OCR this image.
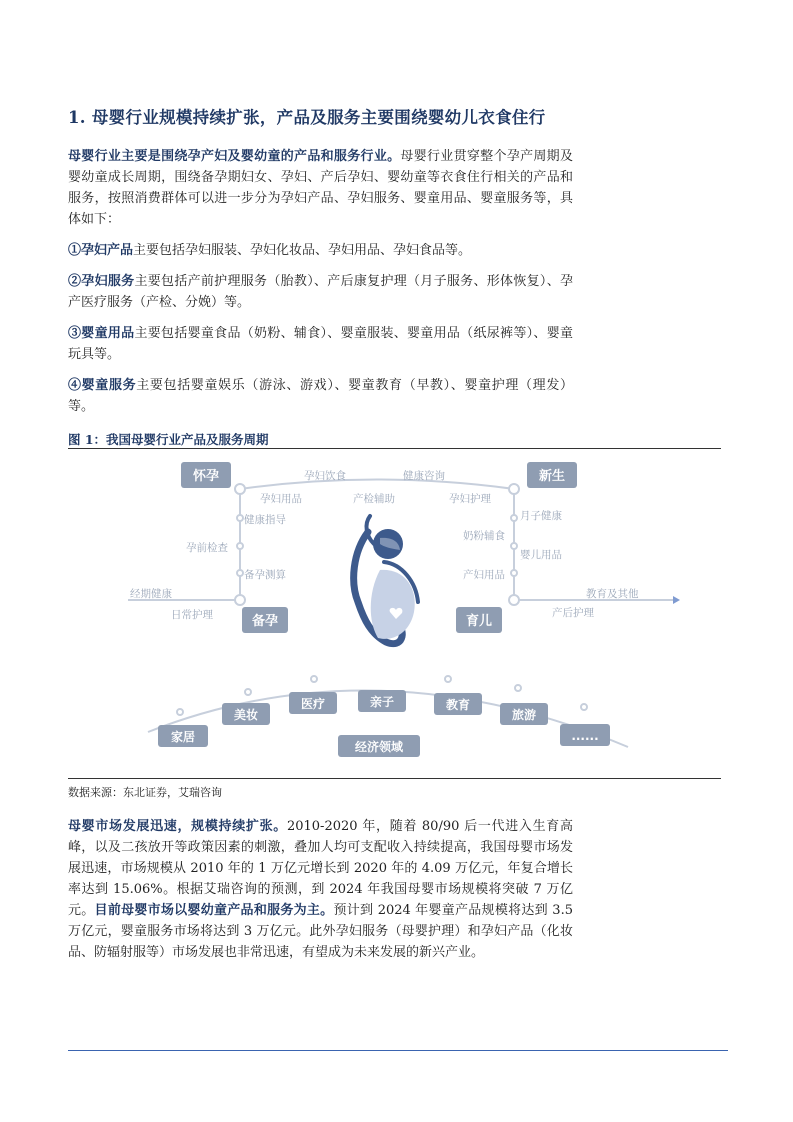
1. 母婴行业规模持续扩张，产品及服务主要围绕婴幼儿衣食住行
母婴行业主要是围绕孕产妇及婴幼童的产品和服务行业。母婴行业贯穿整个孕产周期及婴幼童成长周期，围绕备孕期妇女、孕妇、产后孕妇、婴幼童等衣食住行相关的产品和服务，按照消费群体可以进一步分为孕妇产品、孕妇服务、婴童用品、婴童服务等，具体如下：
①孕妇产品主要包括孕妇服装、孕妇化妆品、孕妇用品、孕妇食品等。
②孕妇服务主要包括产前护理服务（胎教）、产后康复护理（月子服务、形体恢复）、孕产医疗服务（产检、分娩）等。
③婴童用品主要包括婴童食品（奶粉、辅食）、婴童服装、婴童用品（纸尿裤等）、婴童玩具等。
④婴童服务主要包括婴童娱乐（游泳、游戏）、婴童教育（早教）、婴童护理（理发）等。
图 1：我国母婴行业产品及服务周期
怀孕	新生
备孕	育儿
孕妇饮食	健康咨询
孕妇用品	产检辅助	孕妇护理
健康指导	月子健康
孕前检查
奶粉辅食
备孕测算
婴儿用品
产妇用品
经期健康
日常护理
教育及其他
产后护理
家居
美妆
医疗	亲子	教育
旅游
......
经济领域
数据来源：东北证券，艾瑞咨询
母婴市场发展迅速，规模持续扩张。2010-2020 年，随着 80/90 后一代进入生育高峰，以及二孩放开等政策因素的刺激，叠加人均可支配收入持续提高，我国母婴市场发展迅速，市场规模从 2010 年的 1 万亿元增长到 2020 年的 4.09 万亿元，年复合增长率达到 15.06%。根据艾瑞咨询的预测，到 2024 年我国母婴市场规模将突破 7 万亿元。目前母婴市场以婴幼童产品和服务为主。预计到 2024 年婴童产品规模将达到 3.5 万亿元，婴童服务市场将达到 3 万亿元。此外孕妇服务（母婴护理）和孕妇产品（化妆品、防辐射服等）市场发展也非常迅速，有望成为未来发展的新兴产业。
